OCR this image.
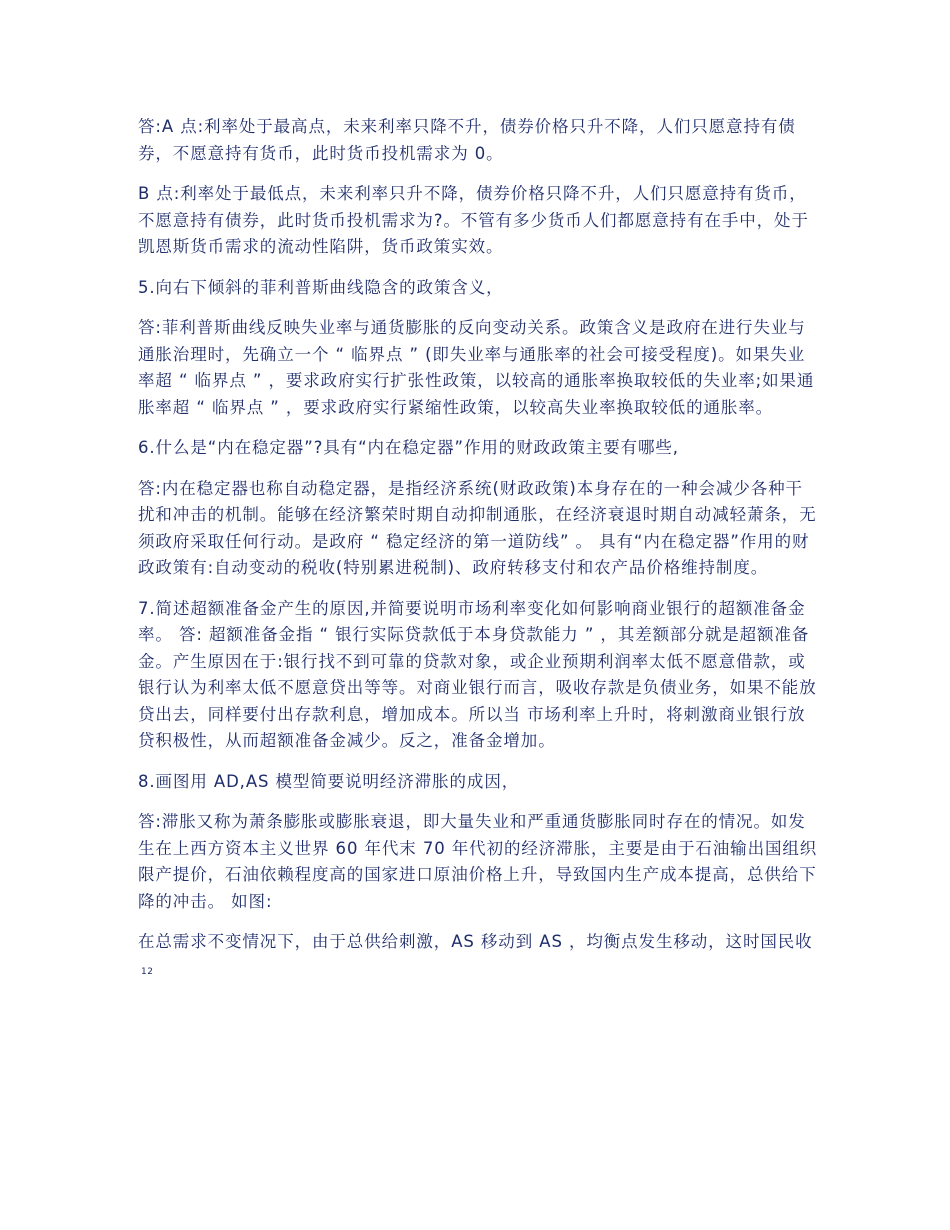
答:A 点:利率处于最高点，未来利率只降不升，债券价格只升不降，人们只愿意持有债券，不愿意持有货币，此时货币投机需求为 0。

B 点:利率处于最低点，未来利率只升不降，债券价格只降不升，人们只愿意持有货币，不愿意持有债券，此时货币投机需求为?。不管有多少货币人们都愿意持有在手中，处于凯恩斯货币需求的流动性陷阱，货币政策实效。

5.向右下倾斜的菲利普斯曲线隐含的政策含义，

答:菲利普斯曲线反映失业率与通货膨胀的反向变动关系。政策含义是政府在进行失业与通胀治理时，先确立一个 “ 临界点 ” (即失业率与通胀率的社会可接受程度)。如果失业率超 “ 临界点 ” ，要求政府实行扩张性政策，以较高的通胀率换取较低的失业率;如果通胀率超 “ 临界点 ” ，要求政府实行紧缩性政策，以较高失业率换取较低的通胀率。

6.什么是“内在稳定器”?具有“内在稳定器”作用的财政政策主要有哪些,

答:内在稳定器也称自动稳定器，是指经济系统(财政政策)本身存在的一种会减少各种干扰和冲击的机制。能够在经济繁荣时期自动抑制通胀，在经济衰退时期自动减轻萧条，无须政府采取任何行动。是政府 “ 稳定经济的第一道防线” 。 具有“内在稳定器”作用的财政政策有:自动变动的税收(特别累进税制)、政府转移支付和农产品价格维持制度。

7.简述超额准备金产生的原因,并简要说明市场利率变化如何影响商业银行的超额准备金率。 答: 超额准备金指 “ 银行实际贷款低于本身贷款能力 ” ，其差额部分就是超额准备金。产生原因在于:银行找不到可靠的贷款对象，或企业预期利润率太低不愿意借款，或银行认为利率太低不愿意贷出等等。对商业银行而言，吸收存款是负债业务，如果不能放贷出去，同样要付出存款利息，增加成本。所以当 市场利率上升时，将刺激商业银行放贷积极性，从而超额准备金减少。反之，准备金增加。

8.画图用 AD,AS 模型简要说明经济滞胀的成因，

答:滞胀又称为萧条膨胀或膨胀衰退，即大量失业和严重通货膨胀同时存在的情况。如发生在上西方资本主义世界 60 年代末 70 年代初的经济滞胀，主要是由于石油输出国组织限产提价，石油依赖程度高的国家进口原油价格上升，导致国内生产成本提高，总供给下降的冲击。 如图:

在总需求不变情况下，由于总供给刺激，AS 移动到 AS ，均衡点发生移动，这时国民收12
